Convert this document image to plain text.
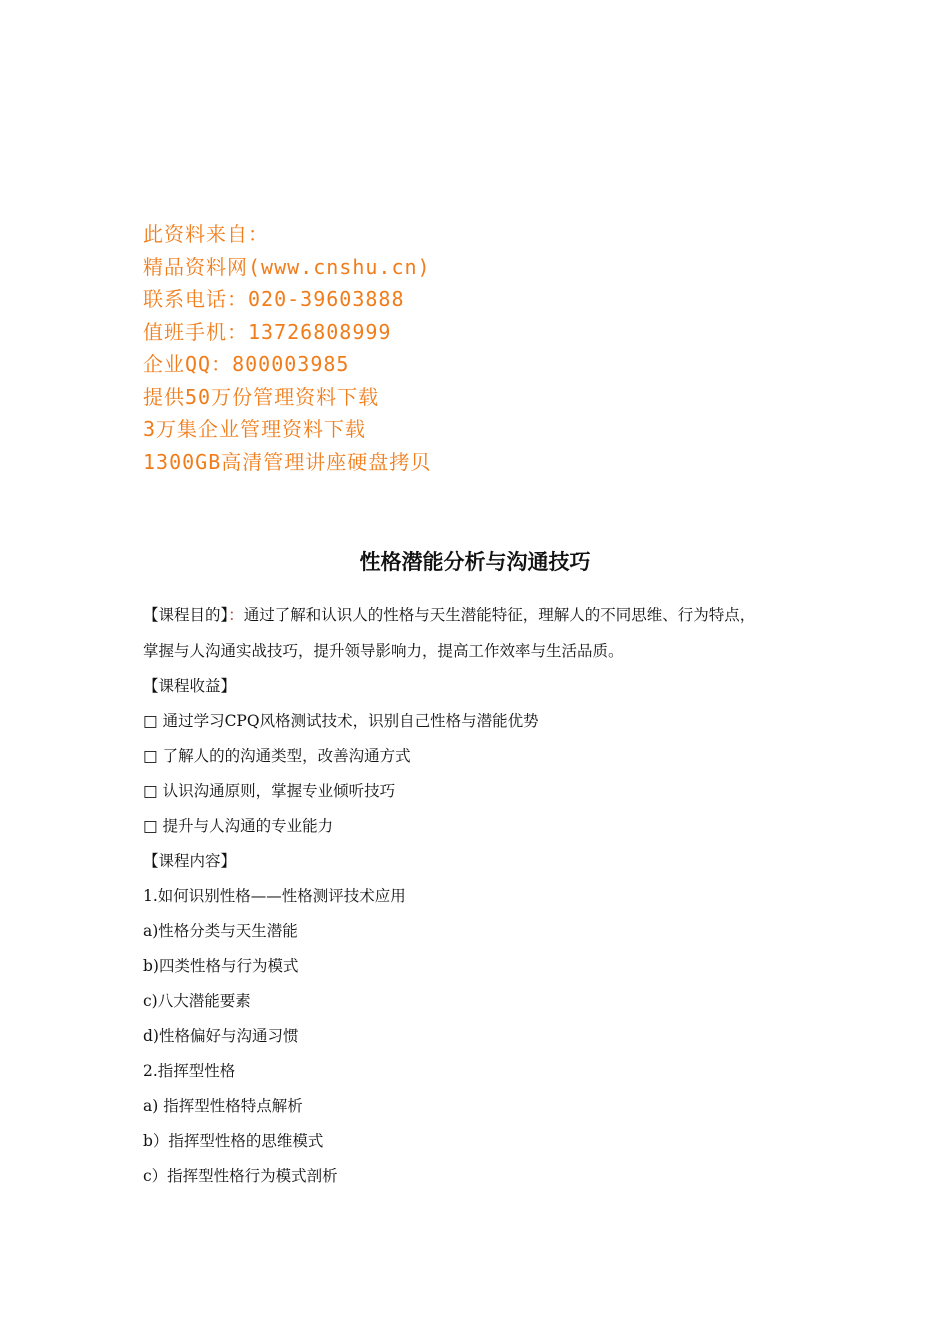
此资料来自：
精品资料网(www.cnshu.cn)
联系电话：020-39603888
值班手机：13726808999
企业QQ：800003985
提供50万份管理资料下载
3万集企业管理资料下载
1300GB高清管理讲座硬盘拷贝
性格潜能分析与沟通技巧
【课程目的】：通过了解和认识人的性格与天生潜能特征，理解人的不同思维、行为特点，
掌握与人沟通实战技巧，提升领导影响力，提高工作效率与生活品质。
【课程收益】
□ 通过学习CPQ风格测试技术，识别自己性格与潜能优势
□ 了解人的的沟通类型，改善沟通方式
□ 认识沟通原则，掌握专业倾听技巧
□ 提升与人沟通的专业能力
【课程内容】
1.如何识别性格——性格测评技术应用
a)性格分类与天生潜能
b)四类性格与行为模式
c)八大潜能要素
d)性格偏好与沟通习惯
2.指挥型性格
a) 指挥型性格特点解析
b）指挥型性格的思维模式
c）指挥型性格行为模式剖析
